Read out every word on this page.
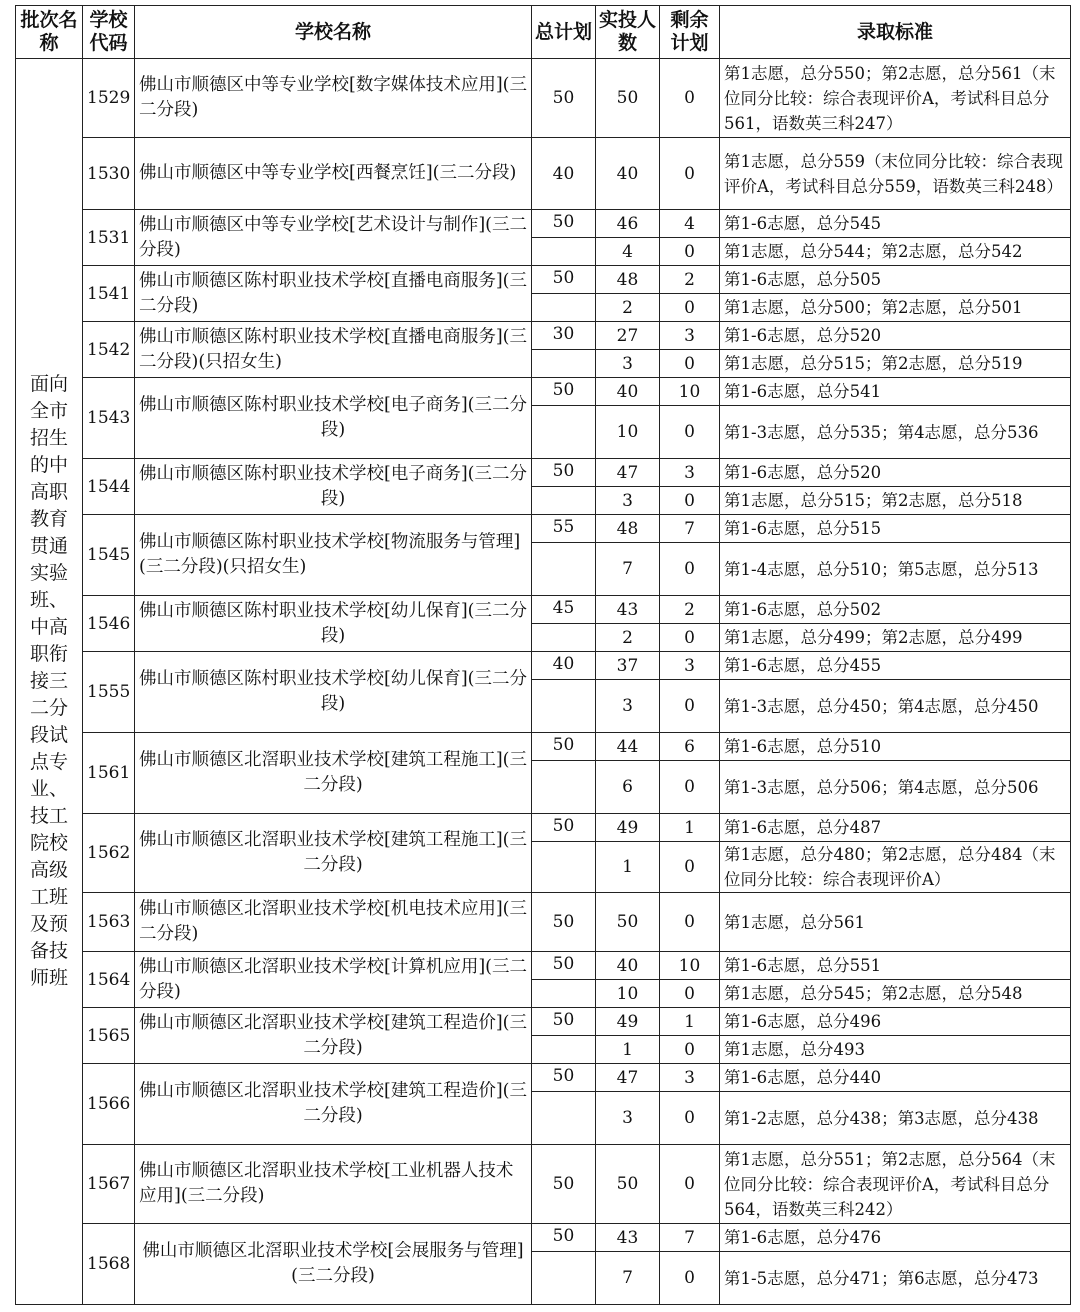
批次名称	学校代码	学校名称	总计划	实投人数	剩余计划	录取标准
面向全市招生的中高职教育贯通实验班、中高职衔接三二分段试点专业、技工院校高级工班及预备技师班	1529	佛山市顺德区中等专业学校[数字媒体技术应用](三二分段)	50	50	0	第1志愿，总分550；第2志愿，总分561（末位同分比较：综合表现评价A，考试科目总分561，语数英三科247）
	1530	佛山市顺德区中等专业学校[西餐烹饪](三二分段)	40	40	0	第1志愿，总分559（末位同分比较：综合表现评价A，考试科目总分559，语数英三科248）
	1531	佛山市顺德区中等专业学校[艺术设计与制作](三二分段)	50	46	4	第1-6志愿，总分545
				4	0	第1志愿，总分544；第2志愿，总分542
	1541	佛山市顺德区陈村职业技术学校[直播电商服务](三二分段)	50	48	2	第1-6志愿，总分505
				2	0	第1志愿，总分500；第2志愿，总分501
	1542	佛山市顺德区陈村职业技术学校[直播电商服务](三二分段)(只招女生)	30	27	3	第1-6志愿，总分520
				3	0	第1志愿，总分515；第2志愿，总分519
	1543	佛山市顺德区陈村职业技术学校[电子商务](三二分段)	50	40	10	第1-6志愿，总分541
				10	0	第1-3志愿，总分535；第4志愿，总分536
	1544	佛山市顺德区陈村职业技术学校[电子商务](三二分段)	50	47	3	第1-6志愿，总分520
				3	0	第1志愿，总分515；第2志愿，总分518
	1545	佛山市顺德区陈村职业技术学校[物流服务与管理](三二分段)(只招女生)	55	48	7	第1-6志愿，总分515
				7	0	第1-4志愿，总分510；第5志愿，总分513
	1546	佛山市顺德区陈村职业技术学校[幼儿保育](三二分段)	45	43	2	第1-6志愿，总分502
				2	0	第1志愿，总分499；第2志愿，总分499
	1555	佛山市顺德区陈村职业技术学校[幼儿保育](三二分段)	40	37	3	第1-6志愿，总分455
				3	0	第1-3志愿，总分450；第4志愿，总分450
	1561	佛山市顺德区北滘职业技术学校[建筑工程施工](三二分段)	50	44	6	第1-6志愿，总分510
				6	0	第1-3志愿，总分506；第4志愿，总分506
	1562	佛山市顺德区北滘职业技术学校[建筑工程施工](三二分段)	50	49	1	第1-6志愿，总分487
				1	0	第1志愿，总分480；第2志愿，总分484（末位同分比较：综合表现评价A）
	1563	佛山市顺德区北滘职业技术学校[机电技术应用](三二分段)	50	50	0	第1志愿，总分561
	1564	佛山市顺德区北滘职业技术学校[计算机应用](三二分段)	50	40	10	第1-6志愿，总分551
				10	0	第1志愿，总分545；第2志愿，总分548
	1565	佛山市顺德区北滘职业技术学校[建筑工程造价](三二分段)	50	49	1	第1-6志愿，总分496
				1	0	第1志愿，总分493
	1566	佛山市顺德区北滘职业技术学校[建筑工程造价](三二分段)	50	47	3	第1-6志愿，总分440
				3	0	第1-2志愿，总分438；第3志愿，总分438
	1567	佛山市顺德区北滘职业技术学校[工业机器人技术应用](三二分段)	50	50	0	第1志愿，总分551；第2志愿，总分564（末位同分比较：综合表现评价A，考试科目总分564，语数英三科242）
	1568	佛山市顺德区北滘职业技术学校[会展服务与管理](三二分段)	50	43	7	第1-6志愿，总分476
				7	0	第1-5志愿，总分471；第6志愿，总分473
